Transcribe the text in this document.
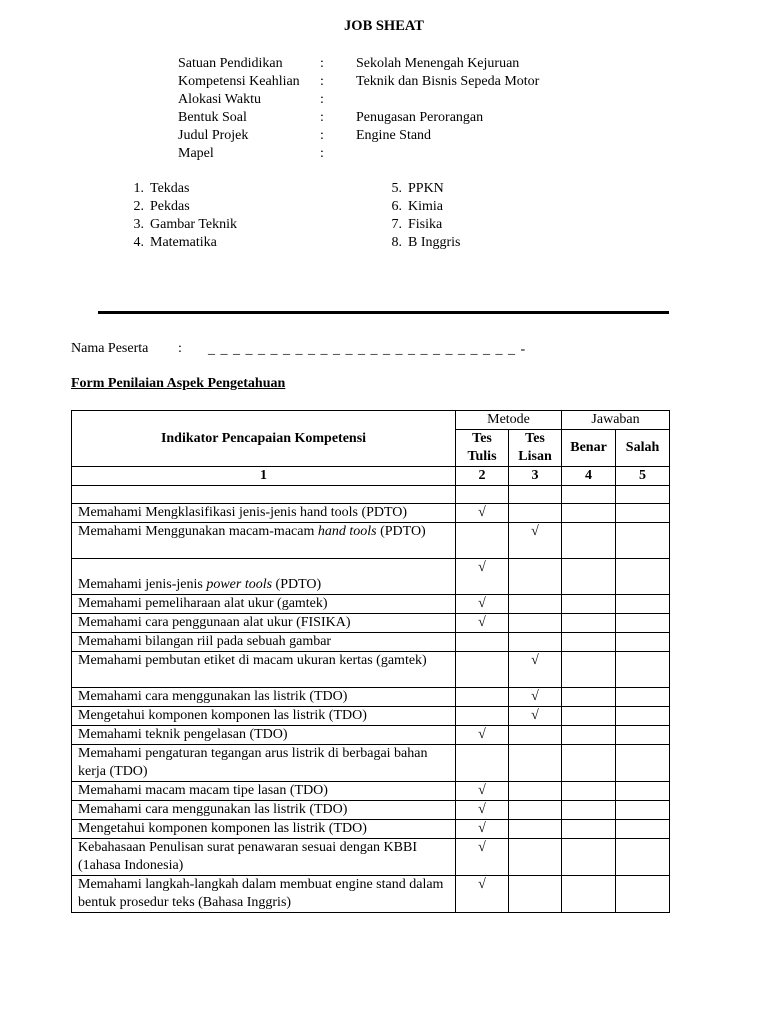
JOB SHEAT
Satuan Pendidikan	: Sekolah Menengah Kejuruan
Kompetensi Keahlian : Teknik dan Bisnis Sepeda Motor
Alokasi Waktu	:
Bentuk Soal	: Penugasan Perorangan
Judul Projek	: Engine Stand
Mapel	:
1. Tekdas
2. Pekdas
3. Gambar Teknik
4. Matematika
5. PPKN
6. Kimia
7. Fisika
8. B Inggris
Nama Peserta : _ _ _ _ _ _ _ _ _ _ _ _ _ _ _ _ _ _ _ _ _ _ _ _ _ -
Form Penilaian Aspek Pengetahuan
Indikator Pencapaian Kompetensi	Metode		Jawaban	
	Tes Tulis	Tes Lisan	Benar	Salah
1	2	3	4	5

Memahami Mengklasifikasi jenis-jenis hand tools (PDTO)	√			
Memahami Menggunakan macam-macam hand tools (PDTO)		√		
Memahami jenis-jenis power tools (PDTO)	√			
Memahami pemeliharaan alat ukur (gamtek)	√			
Memahami cara penggunaan alat ukur (FISIKA)	√			
Memahami bilangan riil pada sebuah gambar				
Memahami pembutan etiket di macam ukuran kertas (gamtek)		√		
Memahami cara menggunakan las listrik (TDO)		√		
Mengetahui komponen komponen las listrik (TDO)		√		
Memahami teknik pengelasan (TDO)	√			
Memahami pengaturan tegangan arus listrik di berbagai bahan kerja (TDO)				
Memahami macam macam tipe lasan (TDO)	√			
Memahami cara menggunakan las listrik (TDO)	√			
Mengetahui komponen komponen las listrik (TDO)	√			
Kebahasaan Penulisan surat penawaran sesuai dengan KBBI (1ahasa Indonesia)	√			
Memahami langkah-langkah dalam membuat engine stand dalam bentuk prosedur teks (Bahasa Inggris)	√			
